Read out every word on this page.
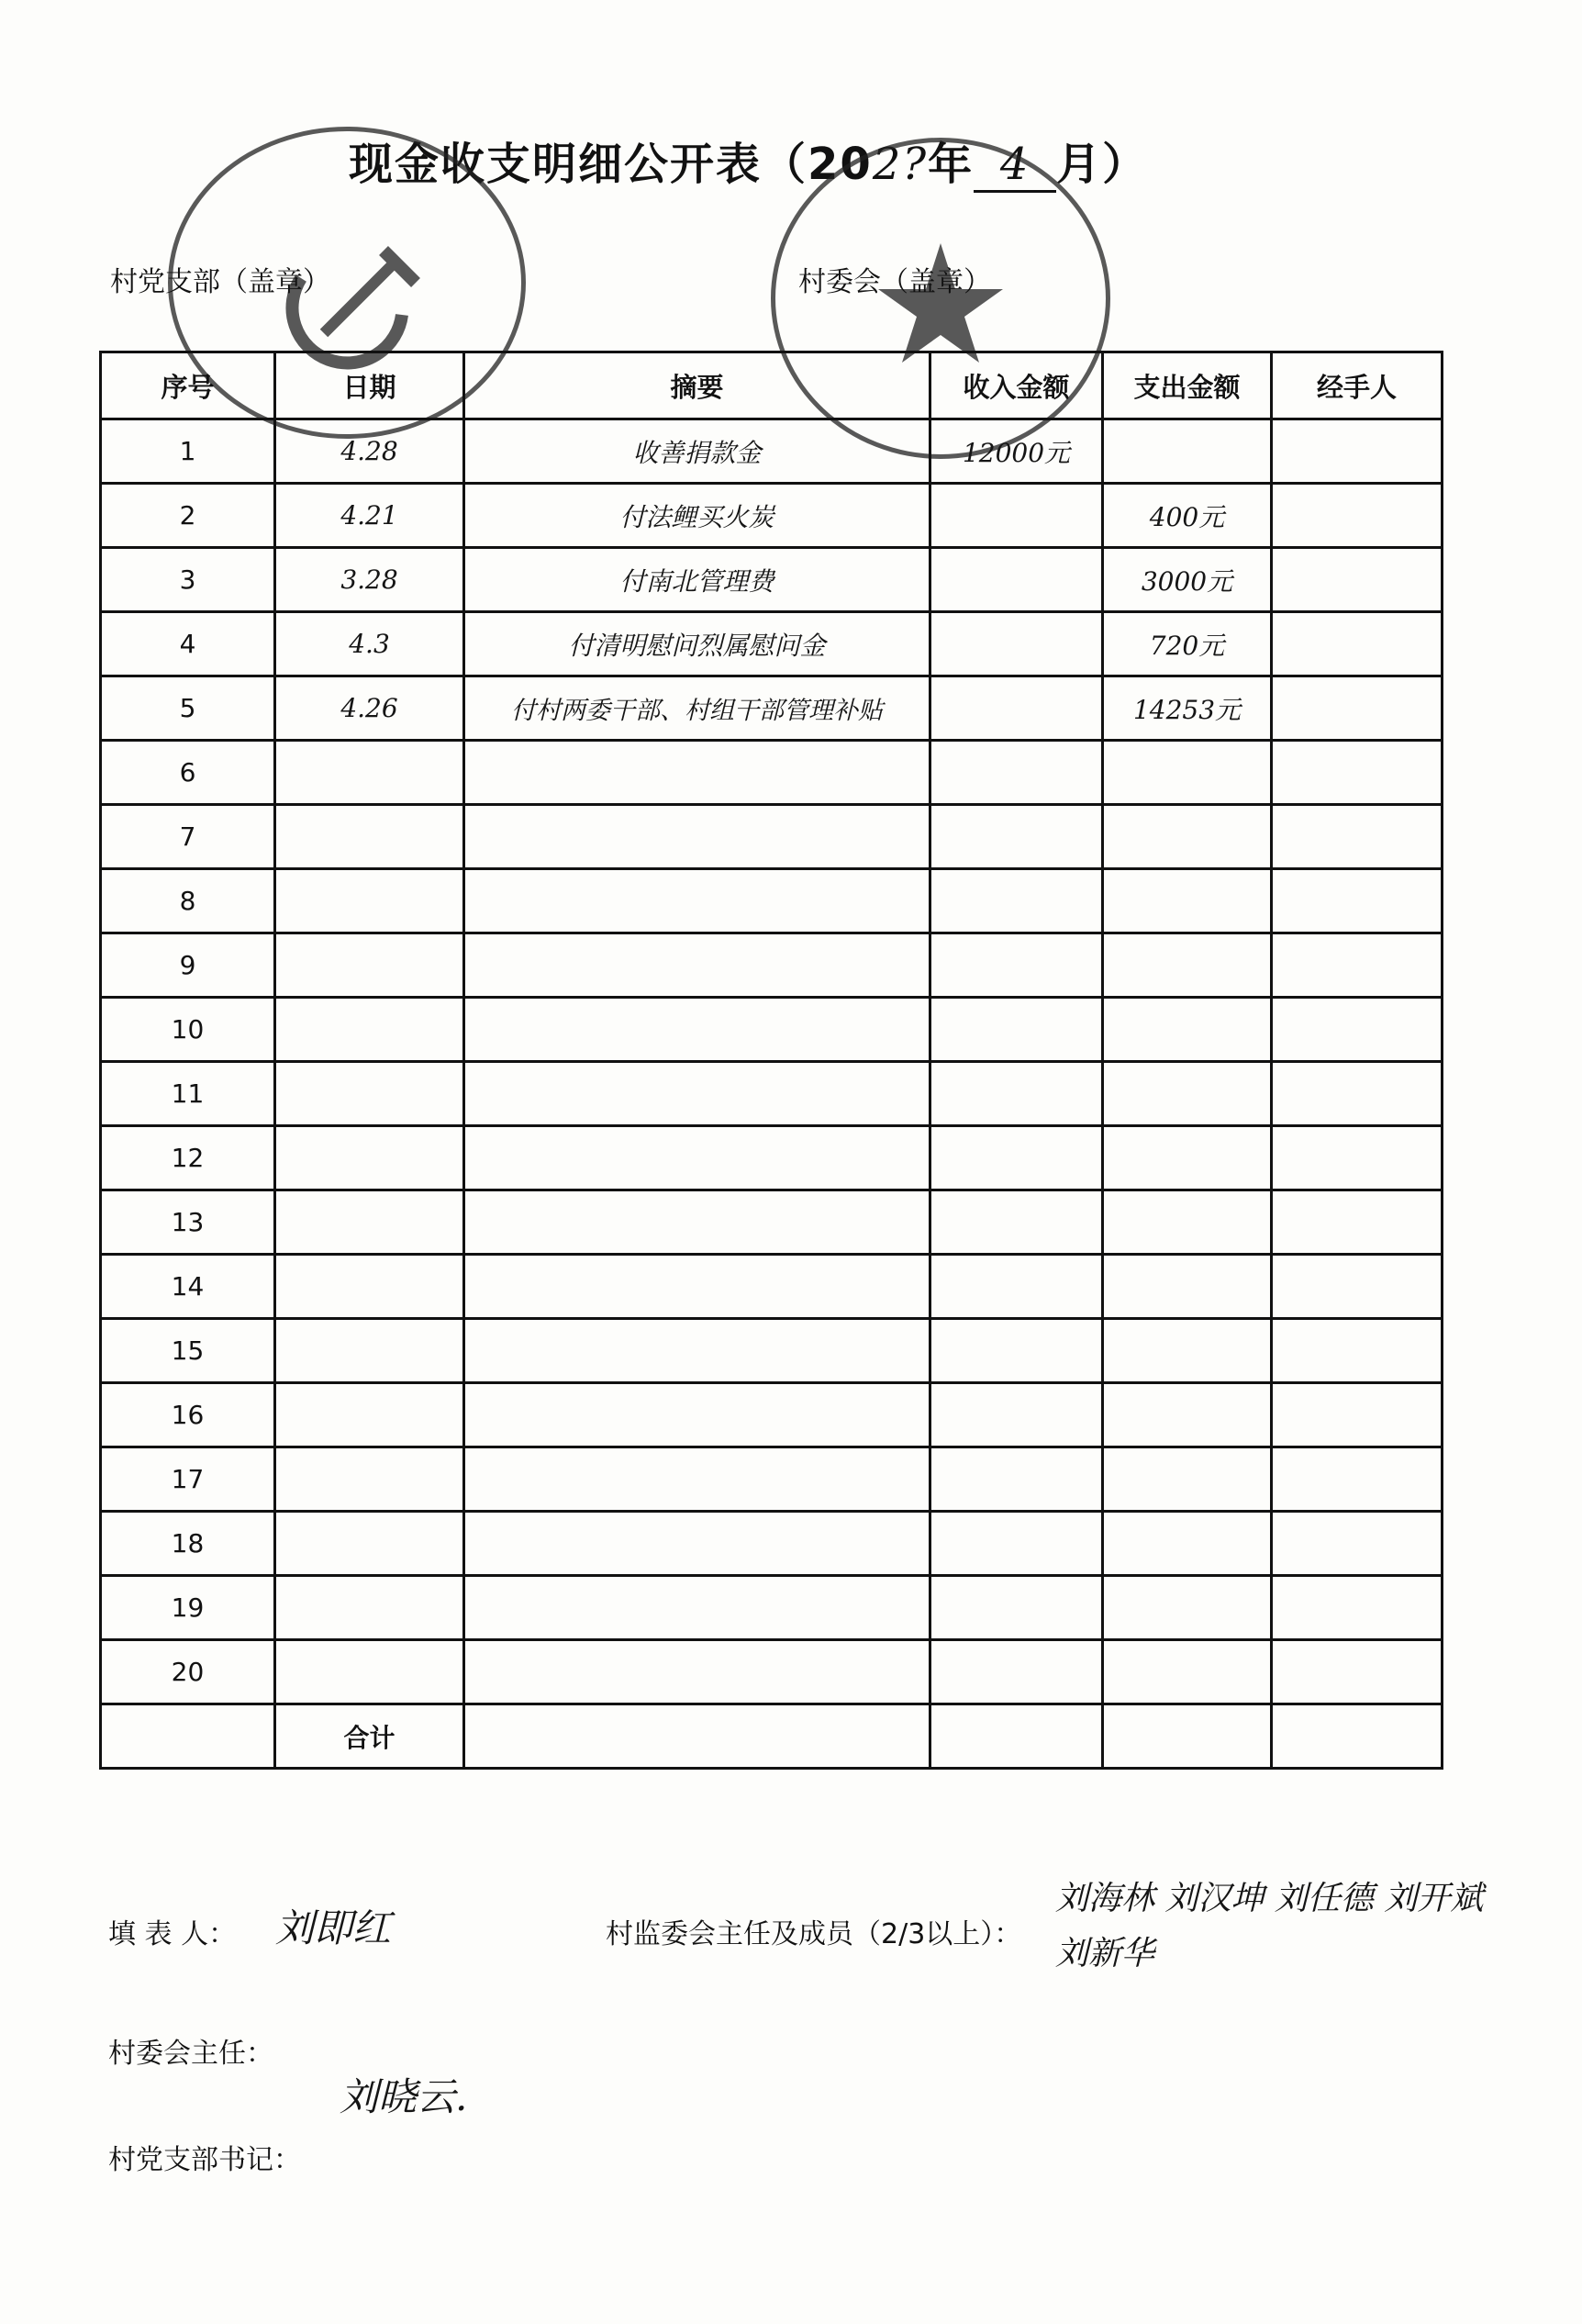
现金收支明细公开表（202?年 4 月）
村党支部（盖章）	村委会（盖章）
序号	日期	摘要	收入金额	支出金额	经手人
1	4.28	收善捐款金	12000元		
2	4.21	付法鲤买火炭		400元	
3	3.28	付南北管理费		3000元	
4	4.3	付清明慰问烈属慰问金		720元	
5	4.26	付村两委干部、村组干部管理补贴		14253元	
6					
7					
8					
9					
10					
11					
12					
13					
14					
15					
16					
17					
18					
19					
20					
	合计				
填 表 人： 刘即红	村监委会主任及成员（2/3以上）：
刘海林 刘汉坤 刘任德 刘开斌
刘新华
村委会主任：
刘晓云.
村党支部书记：
